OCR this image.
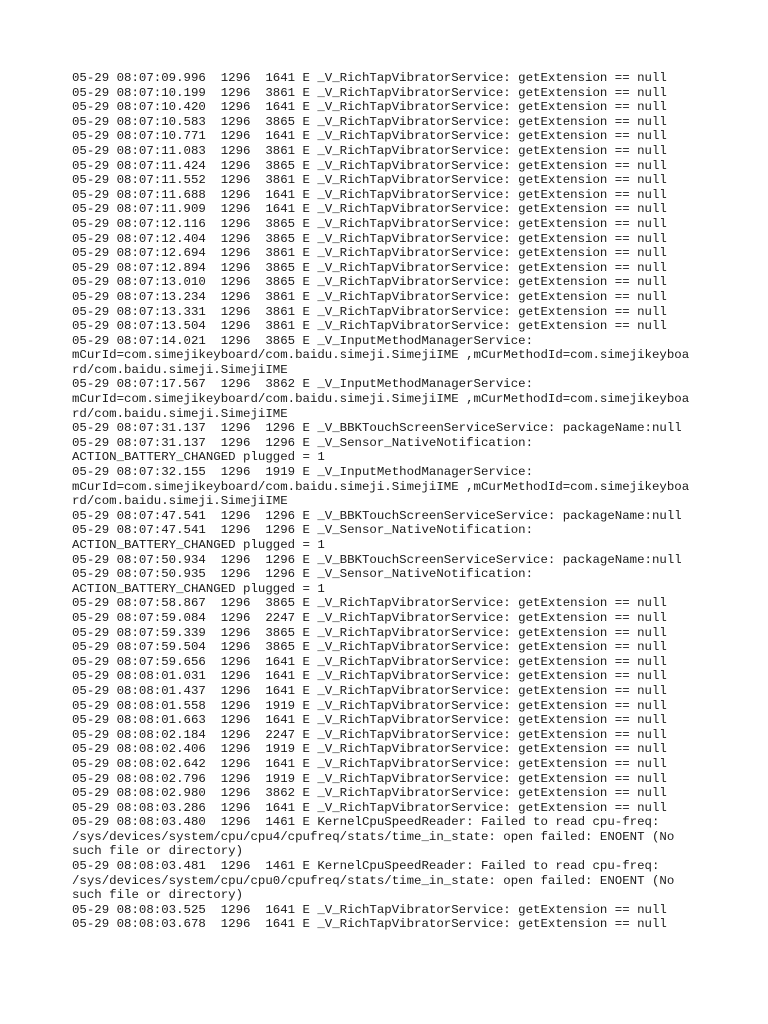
05-29 08:07:09.996  1296  1641 E _V_RichTapVibratorService: getExtension == null
05-29 08:07:10.199  1296  3861 E _V_RichTapVibratorService: getExtension == null
05-29 08:07:10.420  1296  1641 E _V_RichTapVibratorService: getExtension == null
05-29 08:07:10.583  1296  3865 E _V_RichTapVibratorService: getExtension == null
05-29 08:07:10.771  1296  1641 E _V_RichTapVibratorService: getExtension == null
05-29 08:07:11.083  1296  3861 E _V_RichTapVibratorService: getExtension == null
05-29 08:07:11.424  1296  3865 E _V_RichTapVibratorService: getExtension == null
05-29 08:07:11.552  1296  3861 E _V_RichTapVibratorService: getExtension == null
05-29 08:07:11.688  1296  1641 E _V_RichTapVibratorService: getExtension == null
05-29 08:07:11.909  1296  1641 E _V_RichTapVibratorService: getExtension == null
05-29 08:07:12.116  1296  3865 E _V_RichTapVibratorService: getExtension == null
05-29 08:07:12.404  1296  3865 E _V_RichTapVibratorService: getExtension == null
05-29 08:07:12.694  1296  3861 E _V_RichTapVibratorService: getExtension == null
05-29 08:07:12.894  1296  3865 E _V_RichTapVibratorService: getExtension == null
05-29 08:07:13.010  1296  3865 E _V_RichTapVibratorService: getExtension == null
05-29 08:07:13.234  1296  3861 E _V_RichTapVibratorService: getExtension == null
05-29 08:07:13.331  1296  3861 E _V_RichTapVibratorService: getExtension == null
05-29 08:07:13.504  1296  3861 E _V_RichTapVibratorService: getExtension == null
05-29 08:07:14.021  1296  3865 E _V_InputMethodManagerService:
mCurId=com.simejikeyboard/com.baidu.simeji.SimejiIME ,mCurMethodId=com.simejikeyboa
rd/com.baidu.simeji.SimejiIME
05-29 08:07:17.567  1296  3862 E _V_InputMethodManagerService:
mCurId=com.simejikeyboard/com.baidu.simeji.SimejiIME ,mCurMethodId=com.simejikeyboa
rd/com.baidu.simeji.SimejiIME
05-29 08:07:31.137  1296  1296 E _V_BBKTouchScreenServiceService: packageName:null
05-29 08:07:31.137  1296  1296 E _V_Sensor_NativeNotification:
ACTION_BATTERY_CHANGED plugged = 1
05-29 08:07:32.155  1296  1919 E _V_InputMethodManagerService:
mCurId=com.simejikeyboard/com.baidu.simeji.SimejiIME ,mCurMethodId=com.simejikeyboa
rd/com.baidu.simeji.SimejiIME
05-29 08:07:47.541  1296  1296 E _V_BBKTouchScreenServiceService: packageName:null
05-29 08:07:47.541  1296  1296 E _V_Sensor_NativeNotification:
ACTION_BATTERY_CHANGED plugged = 1
05-29 08:07:50.934  1296  1296 E _V_BBKTouchScreenServiceService: packageName:null
05-29 08:07:50.935  1296  1296 E _V_Sensor_NativeNotification:
ACTION_BATTERY_CHANGED plugged = 1
05-29 08:07:58.867  1296  3865 E _V_RichTapVibratorService: getExtension == null
05-29 08:07:59.084  1296  2247 E _V_RichTapVibratorService: getExtension == null
05-29 08:07:59.339  1296  3865 E _V_RichTapVibratorService: getExtension == null
05-29 08:07:59.504  1296  3865 E _V_RichTapVibratorService: getExtension == null
05-29 08:07:59.656  1296  1641 E _V_RichTapVibratorService: getExtension == null
05-29 08:08:01.031  1296  1641 E _V_RichTapVibratorService: getExtension == null
05-29 08:08:01.437  1296  1641 E _V_RichTapVibratorService: getExtension == null
05-29 08:08:01.558  1296  1919 E _V_RichTapVibratorService: getExtension == null
05-29 08:08:01.663  1296  1641 E _V_RichTapVibratorService: getExtension == null
05-29 08:08:02.184  1296  2247 E _V_RichTapVibratorService: getExtension == null
05-29 08:08:02.406  1296  1919 E _V_RichTapVibratorService: getExtension == null
05-29 08:08:02.642  1296  1641 E _V_RichTapVibratorService: getExtension == null
05-29 08:08:02.796  1296  1919 E _V_RichTapVibratorService: getExtension == null
05-29 08:08:02.980  1296  3862 E _V_RichTapVibratorService: getExtension == null
05-29 08:08:03.286  1296  1641 E _V_RichTapVibratorService: getExtension == null
05-29 08:08:03.480  1296  1461 E KernelCpuSpeedReader: Failed to read cpu-freq:
/sys/devices/system/cpu/cpu4/cpufreq/stats/time_in_state: open failed: ENOENT (No
such file or directory)
05-29 08:08:03.481  1296  1461 E KernelCpuSpeedReader: Failed to read cpu-freq:
/sys/devices/system/cpu/cpu0/cpufreq/stats/time_in_state: open failed: ENOENT (No
such file or directory)
05-29 08:08:03.525  1296  1641 E _V_RichTapVibratorService: getExtension == null
05-29 08:08:03.678  1296  1641 E _V_RichTapVibratorService: getExtension == null
